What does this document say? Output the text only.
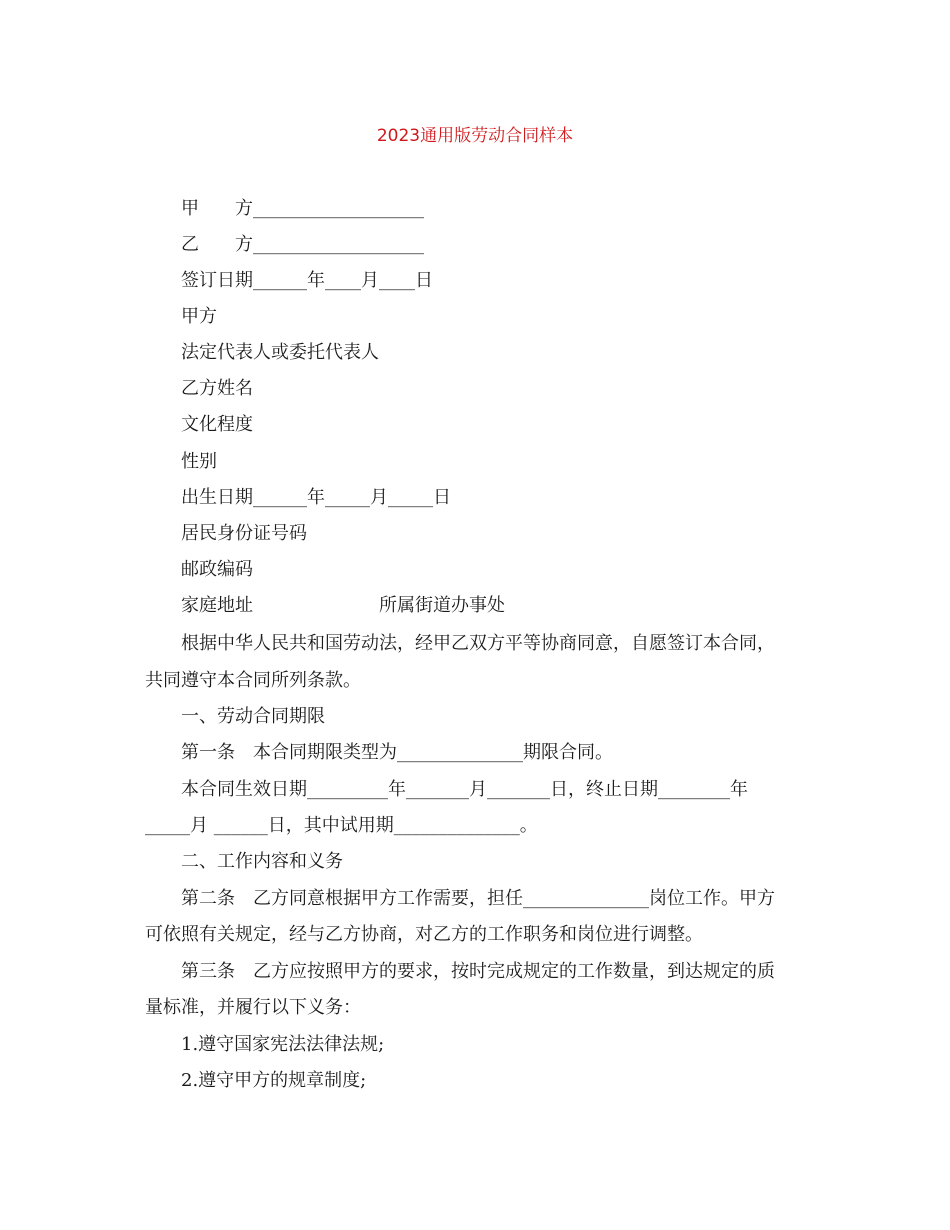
2023通用版劳动合同样本

甲　　方___________________

乙　　方___________________

签订日期______年____月____日

甲方

法定代表人或委托代表人

乙方姓名

文化程度

性别

出生日期______年_____月_____日

居民身份证号码

邮政编码

家庭地址　　　　　　　所属街道办事处

根据中华人民共和国劳动法，经甲乙双方平等协商同意，自愿签订本合同，

共同遵守本合同所列条款。

一、劳动合同期限

第一条　本合同期限类型为______________期限合同。

本合同生效日期_________年_______月_______日，终止日期________年

_____月 ______日，其中试用期______________。

二、工作内容和义务

第二条　乙方同意根据甲方工作需要，担任______________岗位工作。甲方

可依照有关规定，经与乙方协商，对乙方的工作职务和岗位进行调整。

第三条　乙方应按照甲方的要求，按时完成规定的工作数量，到达规定的质

量标准，并履行以下义务：

1.遵守国家宪法法律法规;

2.遵守甲方的规章制度;
